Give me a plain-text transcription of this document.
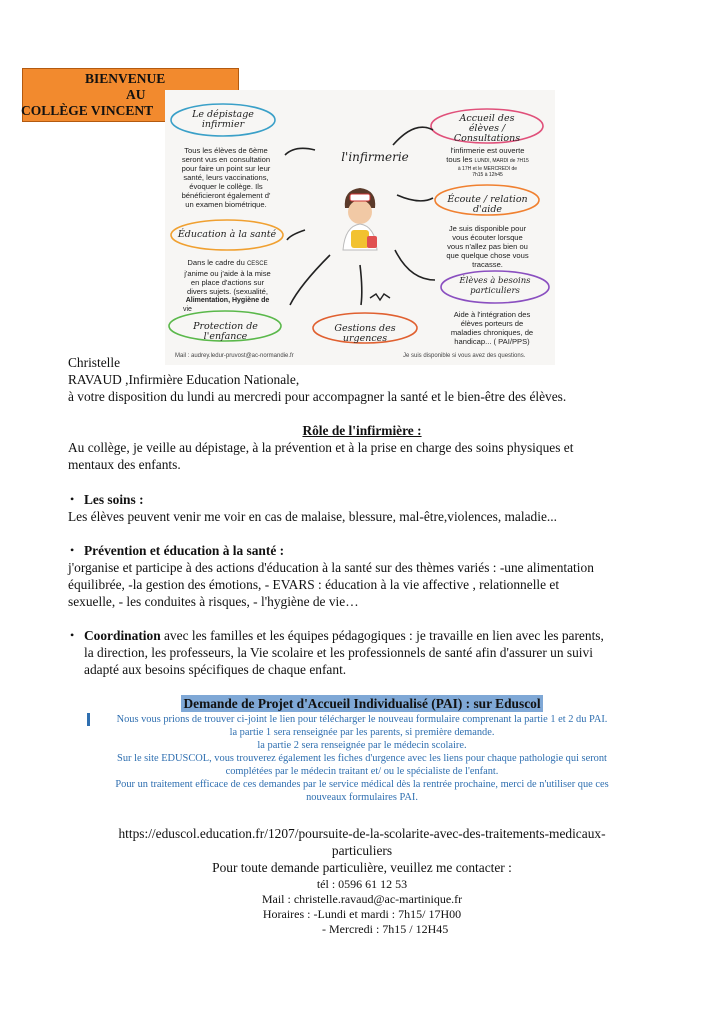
BIENVENUE
AU
COLLÈGE VINCENT	Le dépistage infirmier
Tous les élèves de 6ème
seront vus en consultation
pour faire un point sur leur
santé, leurs vaccinations,
évoquer le collège. Ils
bénéficieront également d'
un examen biométrique.
Accueil des élèves / Consultations
l'infirmerie est ouverte
tous les LUNDI, MARDI de 7H15
à 17H et le MERCREDI de
7h15 à 12h45
l'infirmerie
Éducation à la santé
Dans le cadre du CESCE
j'anime ou j'aide à la mise
en place d'actions sur
divers sujets. (sexualité,
Alimentation, Hygiène de
vie
Écoute / relation d'aide
Je suis disponible pour
vous écouter lorsque
vous n'allez pas bien ou
que quelque chose vous
tracasse.
Élèves à besoins particuliers
Aide à l'intégration des
élèves porteurs de
maladies chroniques, de
handicap... ( PAI/PPS)
Protection de l'enfance
Gestions des urgences
Mail : audrey.ledur-pruvost@ac-normandie.fr	Je suis disponible si vous avez des questions.
Christelle
RAVAUD ,Infirmière Education Nationale,
à votre disposition du lundi au mercredi pour accompagner la santé et le bien-être des élèves.
Rôle de l'infirmière :
Au collège, je veille au dépistage, à la prévention et à la prise en charge des soins physiques et
mentaux des enfants.
• Les soins :
Les élèves peuvent venir me voir en cas de malaise, blessure, mal-être,violences, maladie...
• Prévention et éducation à la santé :
j'organise et participe à des actions d'éducation à la santé sur des thèmes variés : -une alimentation
équilibrée, -la gestion des émotions, - EVARS : éducation à la vie affective , relationnelle et
sexuelle, - les conduites à risques, - l'hygiène de vie…
• Coordination avec les familles et les équipes pédagogiques : je travaille en lien avec les parents,
la direction, les professeurs, la Vie scolaire et les professionnels de santé afin d'assurer un suivi
adapté aux besoins spécifiques de chaque enfant.
Demande de Projet d'Accueil Individualisé (PAI) : sur Eduscol
Nous vous prions de trouver ci-joint le lien pour télécharger le nouveau formulaire comprenant la partie 1 et 2 du PAI.
la partie 1 sera renseignée par les parents, si première demande.
la partie 2 sera renseignée par le médecin scolaire.
Sur le site EDUSCOL, vous trouverez également les fiches d'urgence avec les liens pour chaque pathologie qui seront
complétées par le médecin traitant et/ ou le spécialiste de l'enfant.
Pour un traitement efficace de ces demandes par le service médical dès la rentrée prochaine, merci de n'utiliser que ces
nouveaux formulaires PAI.
https://eduscol.education.fr/1207/poursuite-de-la-scolarite-avec-des-traitements-medicaux-
particuliers
Pour toute demande particulière, veuillez me contacter :
tél : 0596 61 12 53
Mail : christelle.ravaud@ac-martinique.fr
Horaires : -Lundi et mardi : 7h15/ 17H00
- Mercredi : 7h15 / 12H45
